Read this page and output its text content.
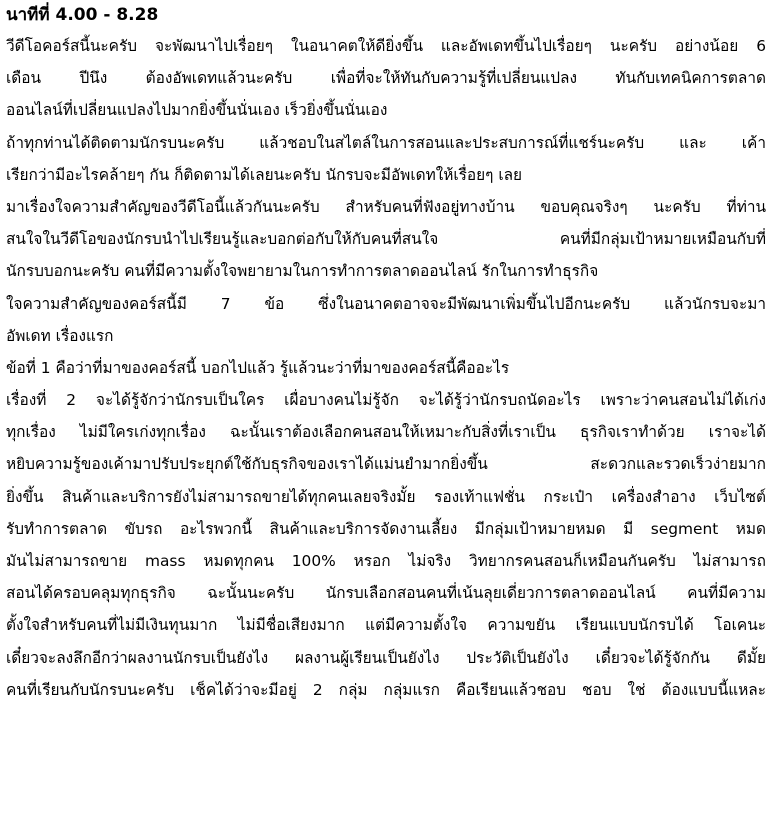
นาทีที่ 4.00 - 8.28
วีดีโอคอร์สนี้นะครับ จะพัฒนาไปเรื่อยๆ ในอนาคตให้ดียิ่งขึ้น และอัพเดทขึ้นไปเรื่อยๆ นะครับ อย่างน้อย 6
เดือน ปีนึง ต้องอัพเดทแล้วนะครับ เพื่อที่จะให้ทันกับความรู้ที่เปลี่ยนแปลง ทันกับเทคนิคการตลาด
ออนไลน์ที่เปลี่ยนแปลงไปมากยิ่งขึ้นนั่นเอง เร็วยิ่งขึ้นนั่นเอง
ถ้าทุกท่านได้ติดตามนักรบนะครับ แล้วชอบในสไตล์ในการสอนและประสบการณ์ที่แชร์นะครับ และ เค้า
เรียกว่ามีอะไรคล้ายๆ กัน ก็ติดตามได้เลยนะครับ นักรบจะมีอัพเดทให้เรื่อยๆ เลย
มาเรื่องใจความสำคัญของวีดีโอนี้แล้วกันนะครับ สำหรับคนที่ฟังอยู่ทางบ้าน ขอบคุณจริงๆ นะครับ ที่ท่าน
สนใจในวีดีโอของนักรบนำไปเรียนรู้และบอกต่อกับให้กับคนที่สนใจ คนที่มีกลุ่มเป้าหมายเหมือนกับที่
นักรบบอกนะครับ คนที่มีความตั้งใจพยายามในการทำการตลาดออนไลน์ รักในการทำธุรกิจ
ใจความสำคัญของคอร์สนี้มี 7 ข้อ ซึ่งในอนาคตอาจจะมีพัฒนาเพิ่มขึ้นไปอีกนะครับ แล้วนักรบจะมา
อัพเดท เรื่องแรก
ข้อที่ 1 คือว่าที่มาของคอร์สนี้ บอกไปแล้ว รู้แล้วนะว่าที่มาของคอร์สนี้คืออะไร
เรื่องที่ 2 จะได้รู้จักว่านักรบเป็นใคร เผื่อบางคนไม่รู้จัก จะได้รู้ว่านักรบถนัดอะไร เพราะว่าคนสอนไม่ได้เก่ง
ทุกเรื่อง ไม่มีใครเก่งทุกเรื่อง ฉะนั้นเราต้องเลือกคนสอนให้เหมาะกับสิ่งที่เราเป็น ธุรกิจเราทำด้วย เราจะได้
หยิบความรู้ของเค้ามาปรับประยุกต์ใช้กับธุรกิจของเราได้แม่นยำมากยิ่งขึ้น สะดวกและรวดเร็วง่ายมาก
ยิ่งขึ้น สินค้าและบริการยังไม่สามารถขายได้ทุกคนเลยจริงมั้ย รองเท้าแฟชั่น กระเป๋า เครื่องสำอาง เว็บไซต์
รับทำการตลาด ขับรถ อะไรพวกนี้ สินค้าและบริการจัดงานเลี้ยง มีกลุ่มเป้าหมายหมด มี segment หมด
มันไม่สามารถขาย mass หมดทุกคน 100% หรอก ไม่จริง วิทยากรคนสอนก็เหมือนกันครับ ไม่สามารถ
สอนได้ครอบคลุมทุกธุรกิจ ฉะนั้นนะครับ นักรบเลือกสอนคนที่เน้นลุยเดี่ยวการตลาดออนไลน์ คนที่มีความ
ตั้งใจสำหรับคนที่ไม่มีเงินทุนมาก ไม่มีชื่อเสียงมาก แต่มีความตั้งใจ ความขยัน เรียนแบบนักรบได้ โอเคนะ
เดี๋ยวจะลงลึกอีกว่าผลงานนักรบเป็นยังไง ผลงานผู้เรียนเป็นยังไง ประวัติเป็นยังไง เดี๋ยวจะได้รู้จักกัน ดีมั้ย
คนที่เรียนกับนักรบนะครับ เช็คได้ว่าจะมีอยู่ 2 กลุ่ม กลุ่มแรก คือเรียนแล้วชอบ ชอบ ใช่ ต้องแบบนี้แหละ
